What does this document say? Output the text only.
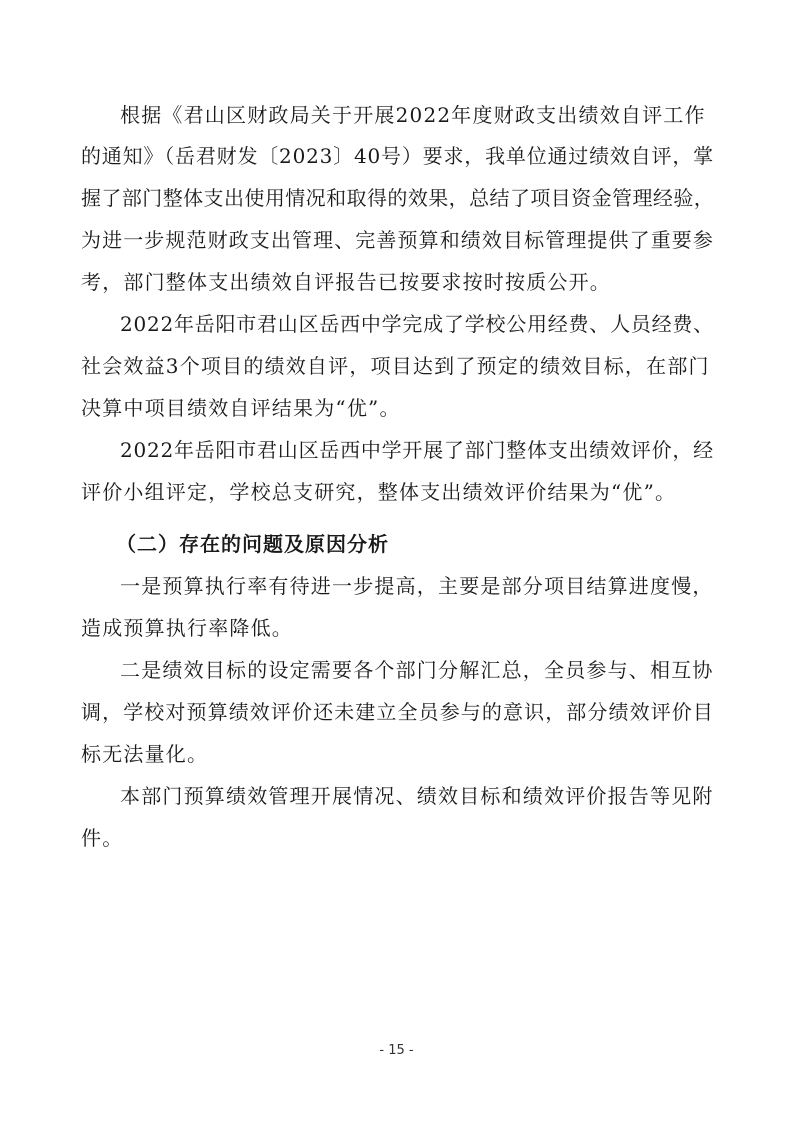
根据《君山区财政局关于开展2022年度财政支出绩效自评工作
的通知》（岳君财发〔2023〕40号）要求，我单位通过绩效自评，掌
握了部门整体支出使用情况和取得的效果，总结了项目资金管理经验，
为进一步规范财政支出管理、完善预算和绩效目标管理提供了重要参
考，部门整体支出绩效自评报告已按要求按时按质公开。
2022年岳阳市君山区岳西中学完成了学校公用经费、人员经费、
社会效益3个项目的绩效自评，项目达到了预定的绩效目标，在部门
决算中项目绩效自评结果为“优”。
2022年岳阳市君山区岳西中学开展了部门整体支出绩效评价，经
评价小组评定，学校总支研究，整体支出绩效评价结果为“优”。
（二）存在的问题及原因分析
一是预算执行率有待进一步提高，主要是部分项目结算进度慢，
造成预算执行率降低。
二是绩效目标的设定需要各个部门分解汇总，全员参与、相互协
调，学校对预算绩效评价还未建立全员参与的意识，部分绩效评价目
标无法量化。
本部门预算绩效管理开展情况、绩效目标和绩效评价报告等见附
件。
- 15 -
